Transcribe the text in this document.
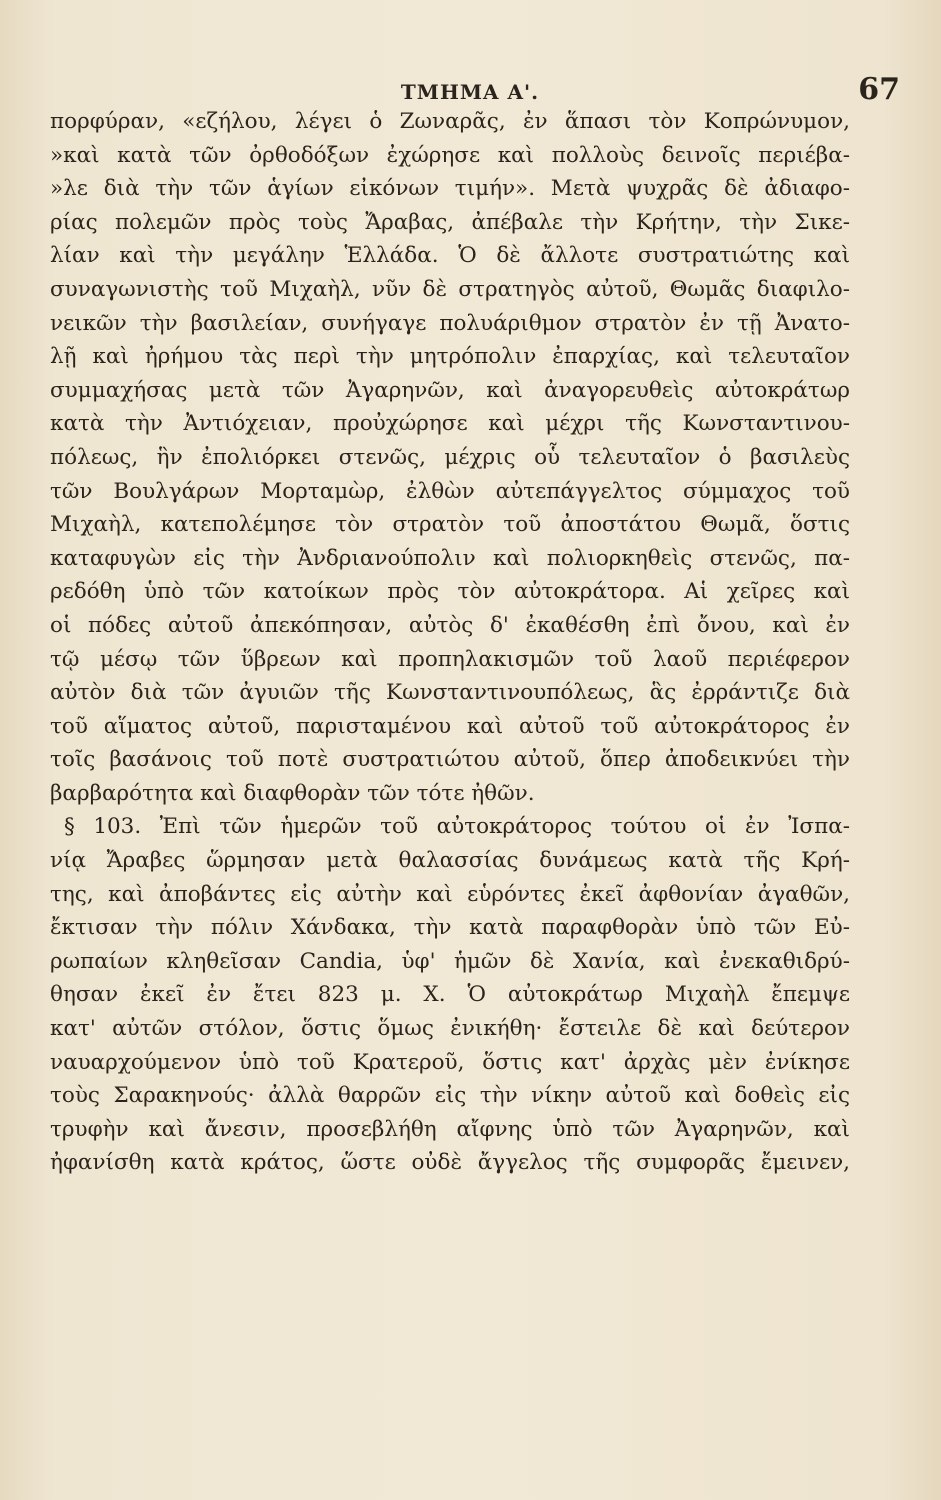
ΤΜΗΜΑ Α'.	67
πορφύραν, «εζήλου, λέγει ὁ Ζωναρᾶς, ἐν ἅπασι τὸν Κοπρώνυμον,
»καὶ κατὰ τῶν ὀρθοδόξων ἐχώρησε καὶ πολλοὺς δεινοῖς περιέβα-
»λε διὰ τὴν τῶν ἁγίων εἰκόνων τιμήν». Μετὰ ψυχρᾶς δὲ ἀδιαφο-
ρίας πολεμῶν πρὸς τοὺς Ἄραβας, ἀπέβαλε τὴν Κρήτην, τὴν Σικε-
λίαν καὶ τὴν μεγάλην Ἑλλάδα. Ὁ δὲ ἄλλοτε συστρατιώτης καὶ
συναγωνιστὴς τοῦ Μιχαὴλ, νῦν δὲ στρατηγὸς αὐτοῦ, Θωμᾶς διαφιλο-
νεικῶν τὴν βασιλείαν, συνήγαγε πολυάριθμον στρατὸν ἐν τῇ Ἀνατο-
λῇ καὶ ἠρήμου τὰς περὶ τὴν μητρόπολιν ἐπαρχίας, καὶ τελευταῖον
συμμαχήσας μετὰ τῶν Ἀγαρηνῶν, καὶ ἀναγορευθεὶς αὐτοκράτωρ
κατὰ τὴν Ἀντιόχειαν, προὐχώρησε καὶ μέχρι τῆς Κωνσταντινου-
πόλεως, ἣν ἐπολιόρκει στενῶς, μέχρις οὗ τελευταῖον ὁ βασιλεὺς
τῶν Βουλγάρων Μορταμὼρ, ἐλθὼν αὐτεπάγγελτος σύμμαχος τοῦ
Μιχαὴλ, κατεπολέμησε τὸν στρατὸν τοῦ ἀποστάτου Θωμᾶ, ὅστις
καταφυγὼν εἰς τὴν Ἀνδριανούπολιν καὶ πολιορκηθεὶς στενῶς, πα-
ρεδόθη ὑπὸ τῶν κατοίκων πρὸς τὸν αὐτοκράτορα. Αἱ χεῖρες καὶ
οἱ πόδες αὐτοῦ ἀπεκόπησαν, αὐτὸς δ' ἐκαθέσθη ἐπὶ ὄνου, καὶ ἐν
τῷ μέσῳ τῶν ὕβρεων καὶ προπηλακισμῶν τοῦ λαοῦ περιέφερον
αὐτὸν διὰ τῶν ἀγυιῶν τῆς Κωνσταντινουπόλεως, ἃς ἐρράντιζε διὰ
τοῦ αἵματος αὐτοῦ, παρισταμένου καὶ αὐτοῦ τοῦ αὐτοκράτορος ἐν
τοῖς βασάνοις τοῦ ποτὲ συστρατιώτου αὐτοῦ, ὅπερ ἀποδεικνύει τὴν
βαρβαρότητα καὶ διαφθορὰν τῶν τότε ἠθῶν.
§ 103. Ἐπὶ τῶν ἡμερῶν τοῦ αὐτοκράτορος τούτου οἱ ἐν Ἰσπα-
νίᾳ Ἄραβες ὥρμησαν μετὰ θαλασσίας δυνάμεως κατὰ τῆς Κρή-
της, καὶ ἀποβάντες εἰς αὐτὴν καὶ εὑρόντες ἐκεῖ ἀφθονίαν ἀγαθῶν,
ἔκτισαν τὴν πόλιν Χάνδακα, τὴν κατὰ παραφθορὰν ὑπὸ τῶν Εὐ-
ρωπαίων κληθεῖσαν Candia, ὑφ' ἡμῶν δὲ Χανία, καὶ ἐνεκαθιδρύ-
θησαν ἐκεῖ ἐν ἔτει 823 μ. Χ. Ὁ αὐτοκράτωρ Μιχαὴλ ἔπεμψε
κατ' αὐτῶν στόλον, ὅστις ὅμως ἐνικήθη· ἔστειλε δὲ καὶ δεύτερον
ναυαρχούμενον ὑπὸ τοῦ Κρατεροῦ, ὅστις κατ' ἀρχὰς μὲν ἐνίκησε
τοὺς Σαρακηνούς· ἀλλὰ θαρρῶν εἰς τὴν νίκην αὐτοῦ καὶ δοθεὶς εἰς
τρυφὴν καὶ ἄνεσιν, προσεβλήθη αἴφνης ὑπὸ τῶν Ἀγαρηνῶν, καὶ
ἠφανίσθη κατὰ κράτος, ὥστε οὐδὲ ἄγγελος τῆς συμφορᾶς ἔμεινεν,
